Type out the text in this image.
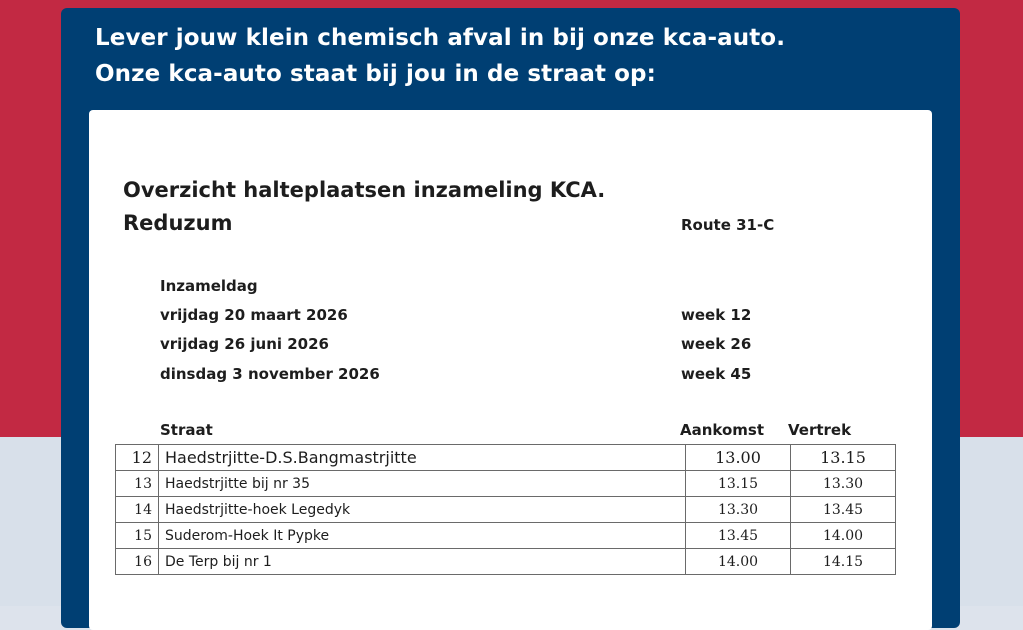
Lever jouw klein chemisch afval in bij onze kca-auto.
Onze kca-auto staat bij jou in de straat op:
Overzicht halteplaatsen inzameling KCA.
Reduzum	Route 31-C
Inzameldag
vrijdag 20 maart 2026	week 12
vrijdag 26 juni 2026	week 26
dinsdag 3 november 2026	week 45
Straat	Aankomst Vertrek
12	Haedstrjitte-D.S.Bangmastrjitte	13.00	13.15
13	Haedstrjitte bij nr 35	13.15	13.30
14	Haedstrjitte-hoek Legedyk	13.30	13.45
15	Suderom-Hoek It Pypke	13.45	14.00
16	De Terp bij nr 1	14.00	14.15
